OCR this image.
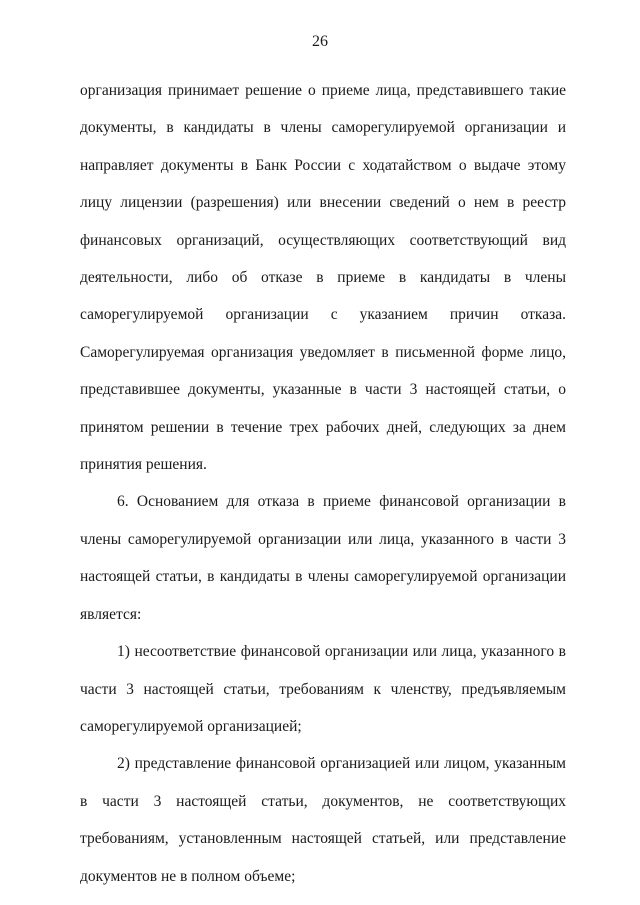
26

организация принимает решение о приеме лица, представившего такие документы, в кандидаты в члены саморегулируемой организации и направляет документы в Банк России с ходатайством о выдаче этому лицу лицензии (разрешения) или внесении сведений о нем в реестр финансовых организаций, осуществляющих соответствующий вид деятельности, либо об отказе в приеме в кандидаты в члены саморегулируемой организации с указанием причин отказа. Саморегулируемая организация уведомляет в письменной форме лицо, представившее документы, указанные в части 3 настоящей статьи, о принятом решении в течение трех рабочих дней, следующих за днем принятия решения.

6. Основанием для отказа в приеме финансовой организации в члены саморегулируемой организации или лица, указанного в части 3 настоящей статьи, в кандидаты в члены саморегулируемой организации является:

1) несоответствие финансовой организации или лица, указанного в части 3 настоящей статьи, требованиям к членству, предъявляемым саморегулируемой организацией;

2) представление финансовой организацией или лицом, указанным в части 3 настоящей статьи, документов, не соответствующих требованиям, установленным настоящей статьей, или представление документов не в полном объеме;
